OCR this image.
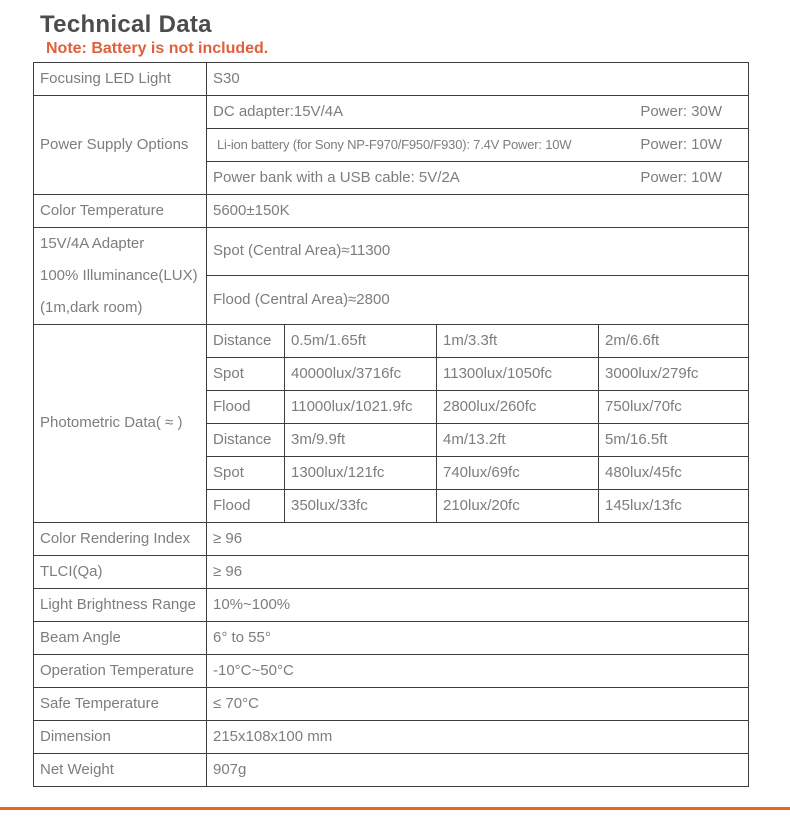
Technical Data

Note: Battery is not included.

Focusing LED Light	S30			
Power Supply Options	DC adapter:15V/4A Power: 30W			

	Li-ion battery (for Sony NP-F970/F950/F930): 7.4V Power: 10W Power: 10W			

	Power bank with a USB cable: 5V/2A Power: 10W			

Color Temperature	5600±150K			

15V/4A Adapter
100% Illuminance(LUX)
(1m,dark room)	Spot (Central Area)≈11300			
	Flood (Central Area)≈2800			
Photometric Data( ≈ )	Distance	0.5m/1.65ft	1m/3.3ft	2m/6.6ft
	Spot	40000lux/3716fc	11300lux/1050fc	3000lux/279fc
	Flood	11000lux/1021.9fc	2800lux/260fc	750lux/70fc
	Distance	3m/9.9ft	4m/13.2ft	5m/16.5ft
	Spot	1300lux/121fc	740lux/69fc	480lux/45fc
	Flood	350lux/33fc	210lux/20fc	145lux/13fc
Color Rendering Index	≥ 96			
TLCI(Qa)	≥ 96			
Light Brightness Range	10%~100%			
Beam Angle	6° to 55°			
Operation Temperature	-10°C~50°C			
Safe Temperature	≤ 70°C			
Dimension	215x108x100 mm			
Net Weight	907g			
